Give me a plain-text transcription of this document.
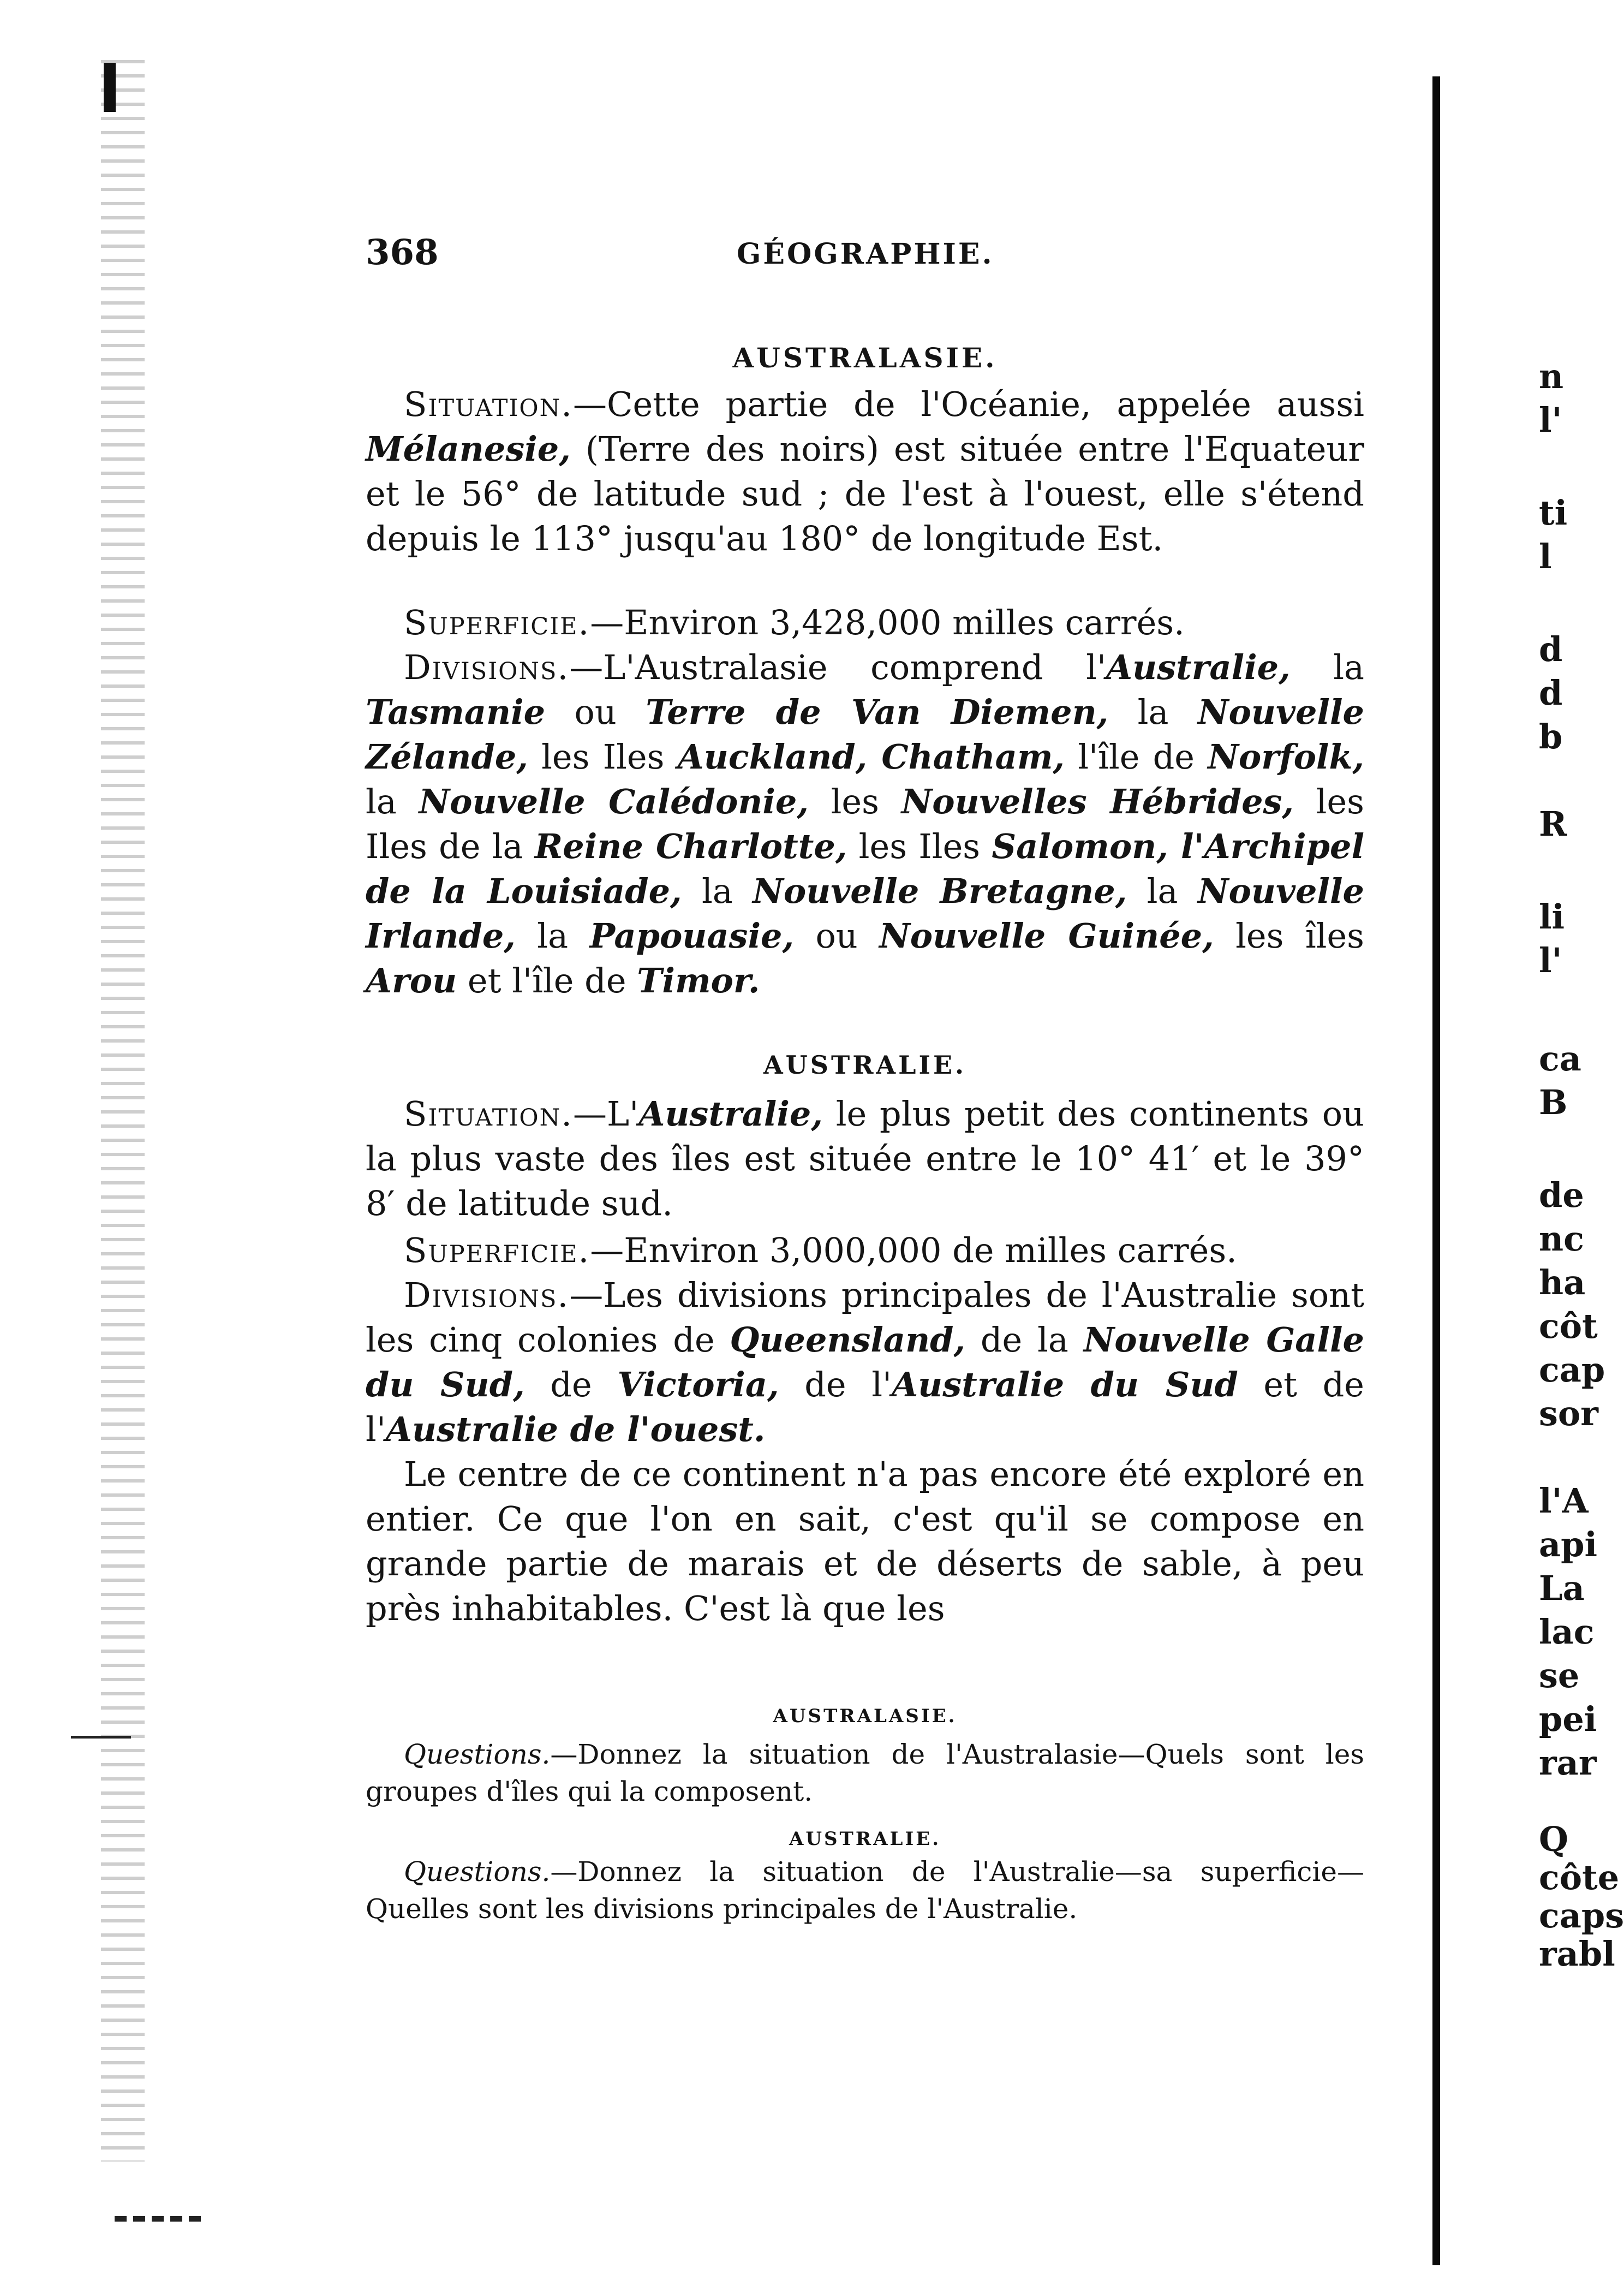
368	GÉOGRAPHIE.

AUSTRALASIE.

Situation.—Cette partie de l'Océanie, appelée aussi Mélanesie, (Terre des noirs) est située entre l'Equateur et le 56° de latitude sud ; de l'est à l'ouest, elle s'étend depuis le 113° jusqu'au 180° de longitude Est.

Superficie.—Environ 3,428,000 milles carrés.

Divisions.—L'Australasie comprend l'Australie, la Tasmanie ou Terre de Van Diemen, la Nouvelle Zélande, les Iles Auckland, Chatham, l'île de Norfolk, la Nouvelle Calédonie, les Nouvelles Hébrides, les Iles de la Reine Charlotte, les Iles Salomon, l'Archipel de la Louisiade, la Nouvelle Bretagne, la Nouvelle Irlande, la Papouasie, ou Nouvelle Guinée, les îles Arou et l'île de Timor.

AUSTRALIE.

Situation.—L'Australie, le plus petit des continents ou la plus vaste des îles est située entre le 10° 41′ et le 39° 8′ de latitude sud.

Superficie.—Environ 3,000,000 de milles carrés.

Divisions.—Les divisions principales de l'Australie sont les cinq colonies de Queensland, de la Nouvelle Galle du Sud, de Victoria, de l'Australie du Sud et de l'Australie de l'ouest.

Le centre de ce continent n'a pas encore été exploré en entier. Ce que l'on en sait, c'est qu'il se compose en grande partie de marais et de déserts de sable, à peu près inhabitables. C'est là que les

AUSTRALASIE.

Questions.—Donnez la situation de l'Australasie—Quels sont les groupes d'îles qui la composent.

AUSTRALIE.

Questions.—Donnez la situation de l'Australie—sa superficie—Quelles sont les divisions principales de l'Australie.

n
l'
ti
l
d
d
b
R
li
l'
ca
B
de
nc
ha
côt
cap
sor
l'A
api
La
lac
se
pei
rar
Q
côte
caps
rabl
